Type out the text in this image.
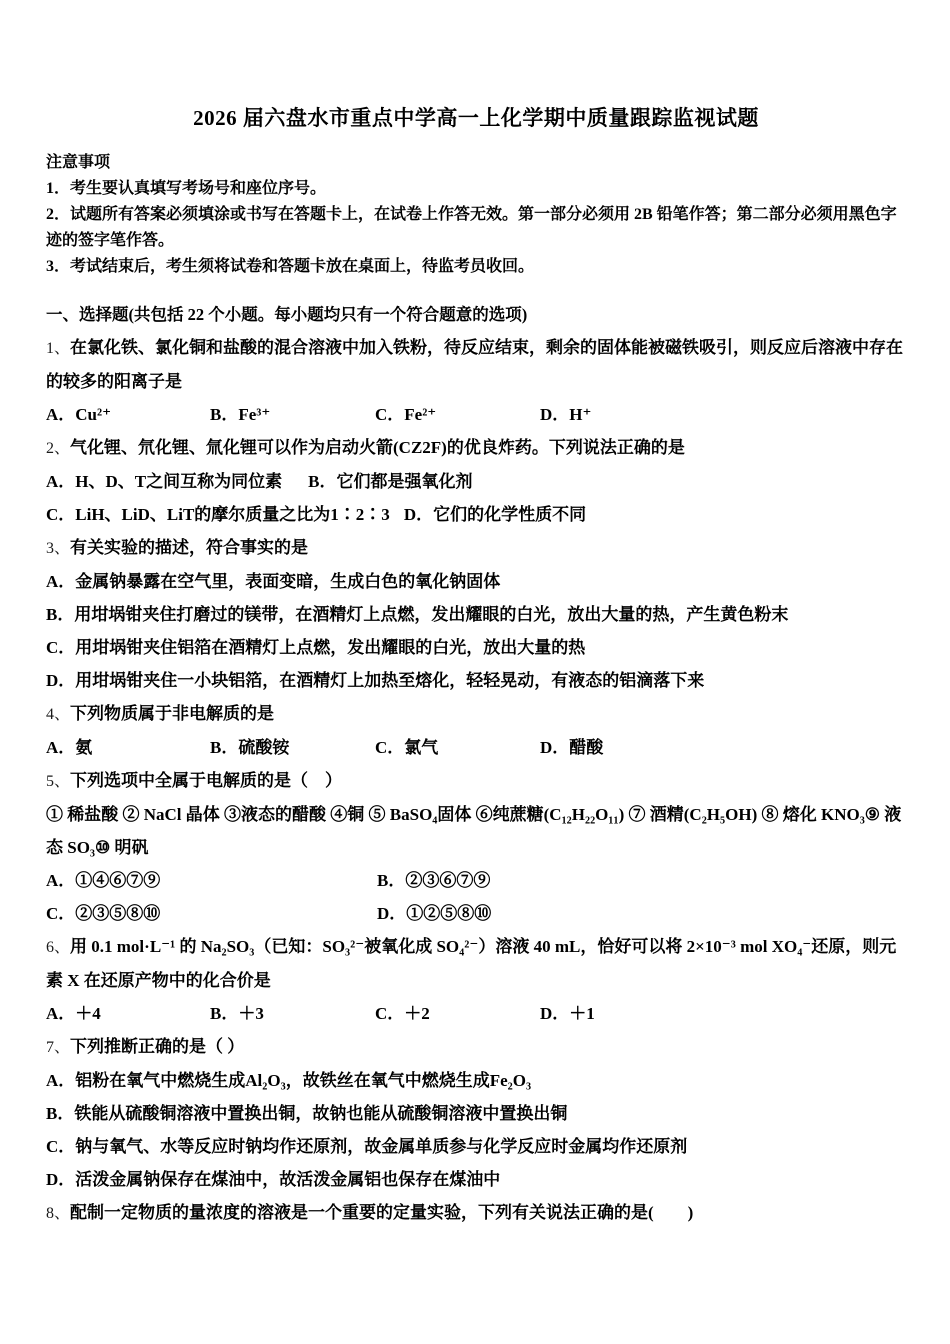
2026 届六盘水市重点中学高一上化学期中质量跟踪监视试题

注意事项

1．考生要认真填写考场号和座位序号。

2．试题所有答案必须填涂或书写在答题卡上，在试卷上作答无效。第一部分必须用 2B 铅笔作答；第二部分必须用黑色字迹的签字笔作答。

3．考试结束后，考生须将试卷和答题卡放在桌面上，待监考员收回。

一、选择题(共包括 22 个小题。每小题均只有一个符合题意的选项)

1、在氯化铁、氯化铜和盐酸的混合溶液中加入铁粉，待反应结束，剩余的固体能被磁铁吸引，则反应后溶液中存在的较多的阳离子是

A．Cu²⁺	B．Fe³⁺	C．Fe²⁺	D．H⁺

2、气化锂、氘化锂、氚化锂可以作为启动火箭(CZ2F)的优良炸药。下列说法正确的是

A．H、D、T之间互称为同位素 B．它们都是强氧化剂
C．LiH、LiD、LiT的摩尔质量之比为1∶2∶3 D．它们的化学性质不同

3、有关实验的描述，符合事实的是

A．金属钠暴露在空气里，表面变暗，生成白色的氧化钠固体

B．用坩埚钳夹住打磨过的镁带，在酒精灯上点燃，发出耀眼的白光，放出大量的热，产生黄色粉末

C．用坩埚钳夹住铝箔在酒精灯上点燃，发出耀眼的白光，放出大量的热

D．用坩埚钳夹住一小块铝箔，在酒精灯上加热至熔化，轻轻晃动，有液态的铝滴落下来

4、下列物质属于非电解质的是

A．氨	B．硫酸铵	C．氯气	D．醋酸

5、下列选项中全属于电解质的是（　）

① 稀盐酸 ② NaCl 晶体 ③液态的醋酸 ④铜 ⑤ BaSO₄固体 ⑥纯蔗糖(C₁₂H₂₂O₁₁) ⑦ 酒精(C₂H₅OH) ⑧ 熔化 KNO₃⑨ 液态 SO₃⑩ 明矾

A．①④⑥⑦⑨	B．②③⑥⑦⑨
C．②③⑤⑧⑩	D．①②⑤⑧⑩

6、用 0.1 mol·L⁻¹ 的 Na₂SO₃（已知：SO₃²⁻被氧化成 SO₄²⁻）溶液 40 mL，恰好可以将 2×10⁻³ mol XO₄⁻还原，则元素 X 在还原产物中的化合价是

A．＋4	B．＋3	C．＋2	D．＋1

7、下列推断正确的是（ ）

A．铝粉在氧气中燃烧生成Al₂O₃，故铁丝在氧气中燃烧生成Fe₂O₃

B．铁能从硫酸铜溶液中置换出铜，故钠也能从硫酸铜溶液中置换出铜

C．钠与氧气、水等反应时钠均作还原剂，故金属单质参与化学反应时金属均作还原剂

D．活泼金属钠保存在煤油中，故活泼金属铝也保存在煤油中

8、配制一定物质的量浓度的溶液是一个重要的定量实验，下列有关说法正确的是(　　)
